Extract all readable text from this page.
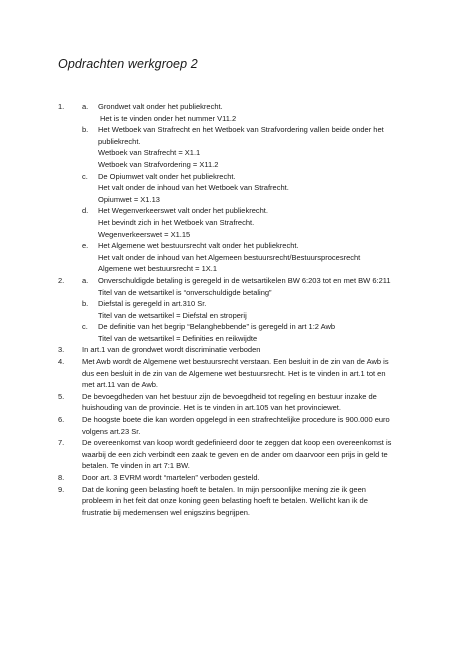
Opdrachten werkgroep 2
1.	a.	Grondwet valt onder het publiekrecht.
Het is te vinden onder het nummer V11.2
b.	Het Wetboek van Strafrecht en het Wetboek van Strafvordering vallen beide onder het
publiekrecht.
Wetboek van Strafrecht = X1.1
Wetboek van Strafvordering = X11.2
c.	De Opiumwet valt onder het publiekrecht.
Het valt onder de inhoud van het Wetboek van Strafrecht.
Opiumwet = X1.13
d.	Het Wegenverkeerswet valt onder het publiekrecht.
Het bevindt zich in het Wetboek van Strafrecht.
Wegenverkeerswet = X1.15
e.	Het Algemene wet bestuursrecht valt onder het publiekrecht.
Het valt onder de inhoud van het Algemeen bestuursrecht/Bestuursprocesrecht
Algemene wet bestuursrecht = 1X.1
2.	a.	Onverschuldigde betaling is geregeld in de wetsartikelen BW 6:203 tot en met BW 6:211
Titel van de wetsartikel is “onverschuldigde betaling”
b.	Diefstal is geregeld in art.310 Sr.
Titel van de wetsartikel = Diefstal en stroperij
c.	De definitie van het begrip “Belanghebbende” is geregeld in art 1:2 Awb
Titel van de wetsartikel = Definities en reikwijdte
3.	In art.1 van de grondwet wordt discriminatie verboden
4.	Met Awb wordt de Algemene wet bestuursrecht verstaan. Een besluit in de zin van de Awb is
dus een besluit in de zin van de Algemene wet bestuursrecht. Het is te vinden in art.1 tot en
met art.11 van de Awb.
5.	De bevoegdheden van het bestuur zijn de bevoegdheid tot regeling en bestuur inzake de
huishouding van de provincie. Het is te vinden in art.105 van het provinciewet.
6.	De hoogste boete die kan worden opgelegd in een strafrechtelijke procedure is 900.000 euro
volgens art.23 Sr.
7.	De overeenkomst van koop wordt gedefinieerd door te zeggen dat koop een overeenkomst is
waarbij de een zich verbindt een zaak te geven en de ander om daarvoor een prijs in geld te
betalen. Te vinden in art 7:1 BW.
8.	Door art. 3 EVRM wordt “martelen” verboden gesteld.
9.	Dat de koning geen belasting hoeft te betalen. In mijn persoonlijke mening zie ik geen
probleem in het feit dat onze koning geen belasting hoeft te betalen. Wellicht kan ik de
frustratie bij medemensen wel enigszins begrijpen.
